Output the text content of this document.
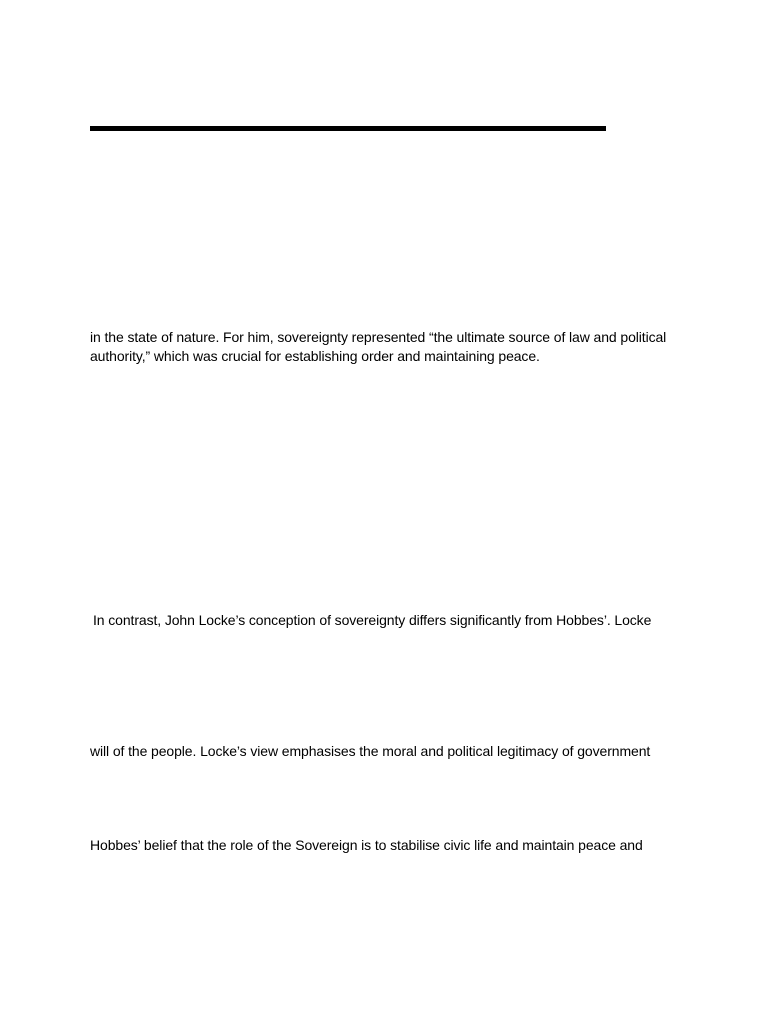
in the state of nature. For him, sovereignty represented “the ultimate source of law and political
authority,” which was crucial for establishing order and maintaining peace.
In contrast, John Locke’s conception of sovereignty differs significantly from Hobbes’. Locke
will of the people. Locke’s view emphasises the moral and political legitimacy of government
Hobbes’ belief that the role of the Sovereign is to stabilise civic life and maintain peace and
